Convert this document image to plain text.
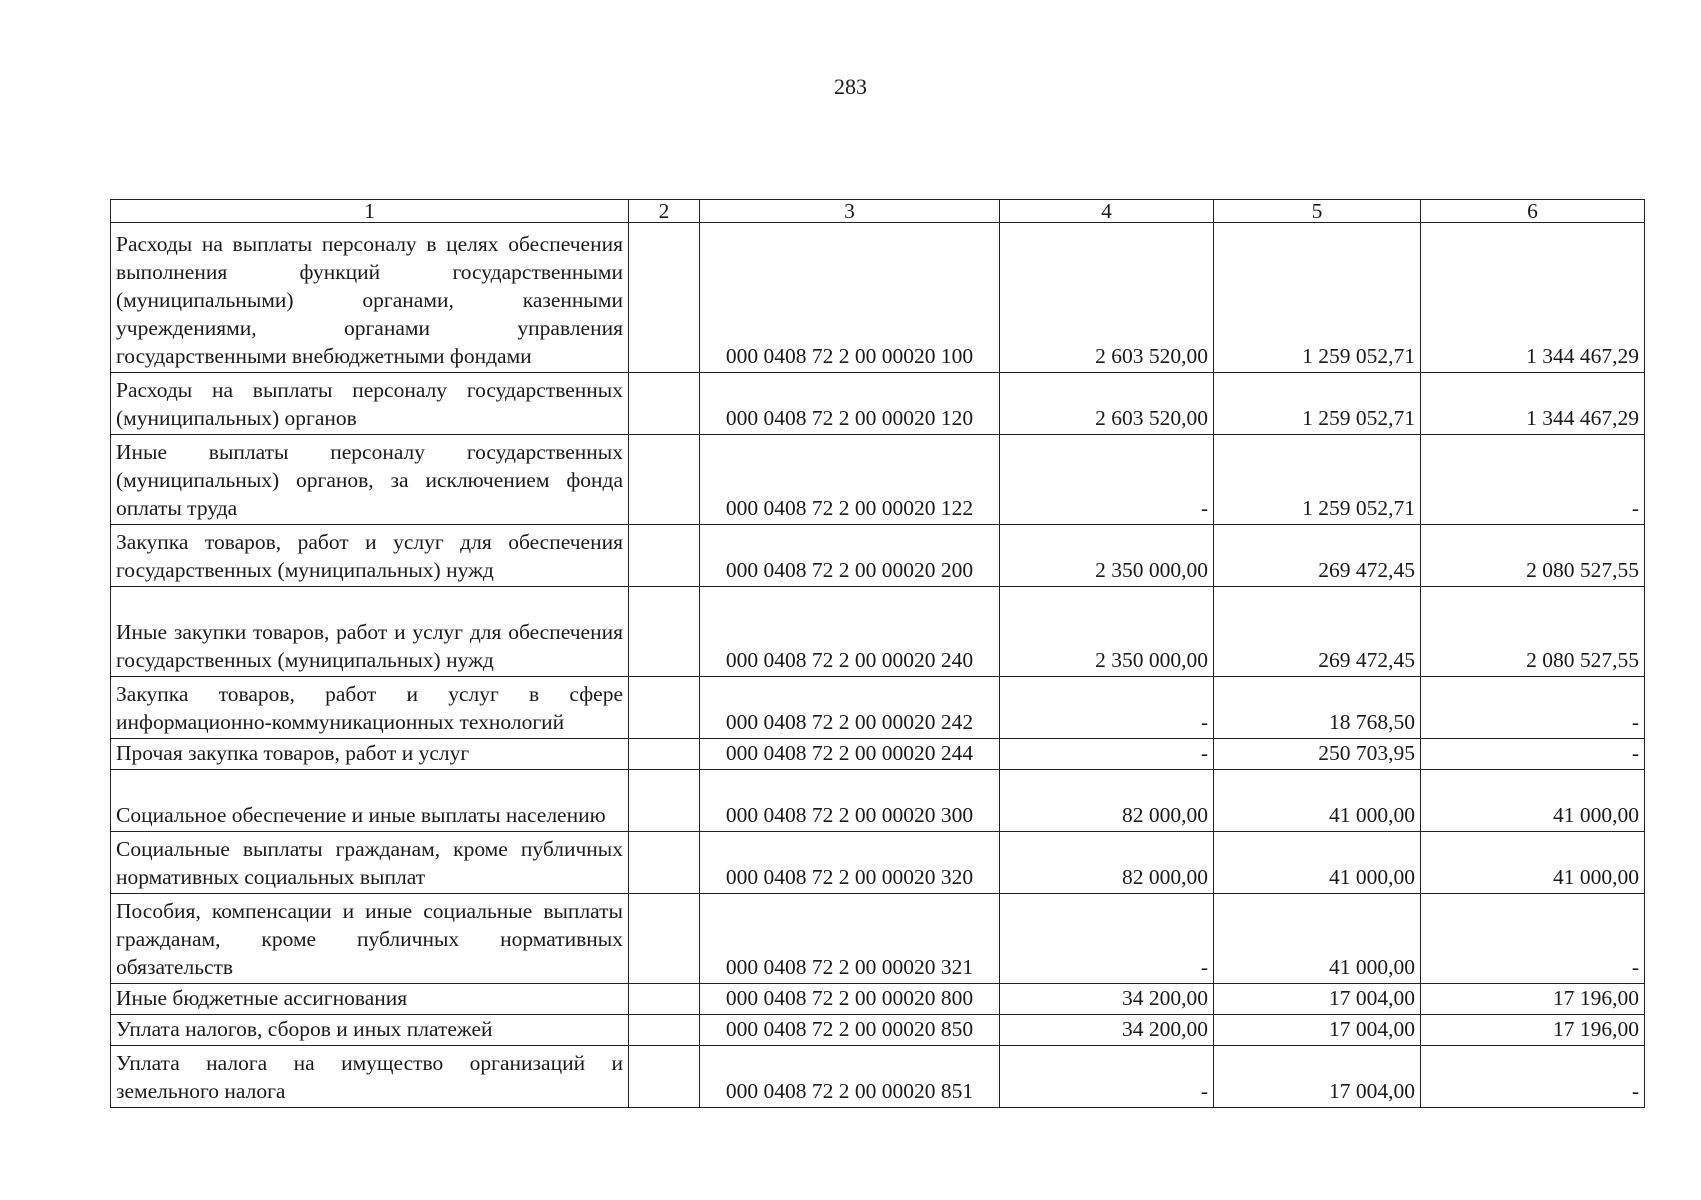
283
1	2	3	4	5	6
Расходы на выплаты персоналу в целях обеспечения выполнения функций государственными (муниципальными) органами, казенными учреждениями, органами управления государственными внебюджетными фондами		000 0408 72 2 00 00020 100	2 603 520,00	1 259 052,71	1 344 467,29
Расходы на выплаты персоналу государственных (муниципальных) органов		000 0408 72 2 00 00020 120	2 603 520,00	1 259 052,71	1 344 467,29
Иные выплаты персоналу государственных (муниципальных) органов, за исключением фонда оплаты труда		000 0408 72 2 00 00020 122	-	1 259 052,71	-
Закупка товаров, работ и услуг для обеспечения государственных (муниципальных) нужд		000 0408 72 2 00 00020 200	2 350 000,00	269 472,45	2 080 527,55
Иные закупки товаров, работ и услуг для обеспечения государственных (муниципальных) нужд		000 0408 72 2 00 00020 240	2 350 000,00	269 472,45	2 080 527,55
Закупка товаров, работ и услуг в сфере информационно-коммуникационных технологий		000 0408 72 2 00 00020 242	-	18 768,50	-
Прочая закупка товаров, работ и услуг		000 0408 72 2 00 00020 244	-	250 703,95	-
Социальное обеспечение и иные выплаты населению		000 0408 72 2 00 00020 300	82 000,00	41 000,00	41 000,00
Социальные выплаты гражданам, кроме публичных нормативных социальных выплат		000 0408 72 2 00 00020 320	82 000,00	41 000,00	41 000,00
Пособия, компенсации и иные социальные выплаты гражданам, кроме публичных нормативных обязательств		000 0408 72 2 00 00020 321	-	41 000,00	-
Иные бюджетные ассигнования		000 0408 72 2 00 00020 800	34 200,00	17 004,00	17 196,00
Уплата налогов, сборов и иных платежей		000 0408 72 2 00 00020 850	34 200,00	17 004,00	17 196,00
Уплата налога на имущество организаций и земельного налога		000 0408 72 2 00 00020 851	-	17 004,00	-
